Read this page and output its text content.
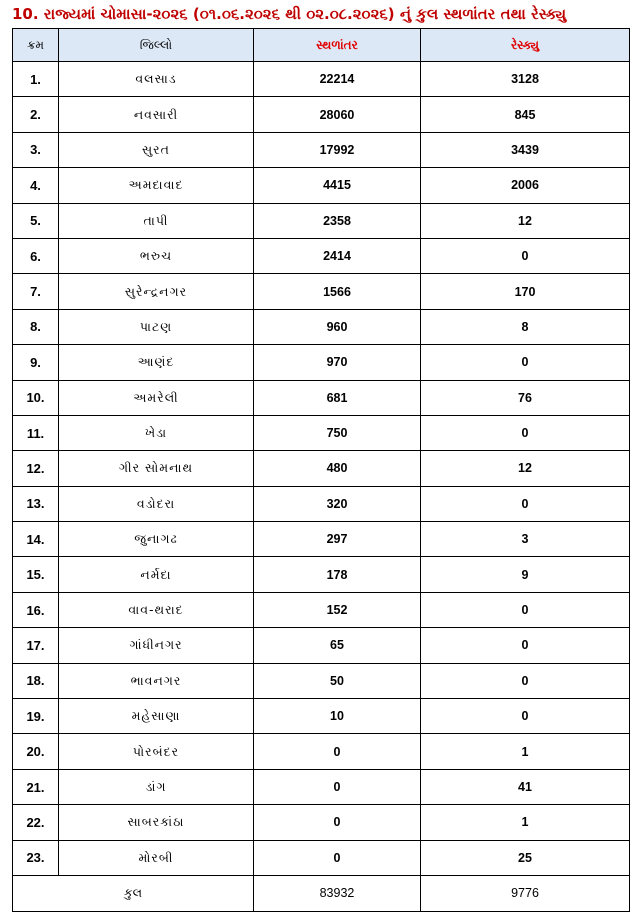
10. રાજ્યમાં ચોમાસા-૨૦૨૬ (૦૧.૦૬.૨૦૨૬ થી ૦૨.૦૮.૨૦૨૬) નું કુલ સ્થળાંતર તથા રેસ્ક્યુ
ક્રમ	જિલ્લો	સ્થળાંતર	રેસ્ક્યુ
1.	વલસાડ	22214	3128
2.	નવસારી	28060	845
3.	સુરત	17992	3439
4.	અમદાવાદ	4415	2006
5.	તાપી	2358	12
6.	ભરુચ	2414	0
7.	સુરેન્દ્રનગર	1566	170
8.	પાટણ	960	8
9.	આણંદ	970	0
10.	અમરેલી	681	76
11.	ખેડા	750	0
12.	ગીર સોમનાથ	480	12
13.	વડોદરા	320	0
14.	જુનાગઢ	297	3
15.	નર્મદા	178	9
16.	વાવ-થરાદ	152	0
17.	ગાંધીનગર	65	0
18.	ભાવનગર	50	0
19.	મહેસાણા	10	0
20.	પોરબંદર	0	1
21.	ડાંગ	0	41
22.	સાબરકાંઠા	0	1
23.	મોરબી	0	25
કુલ		83932	9776
